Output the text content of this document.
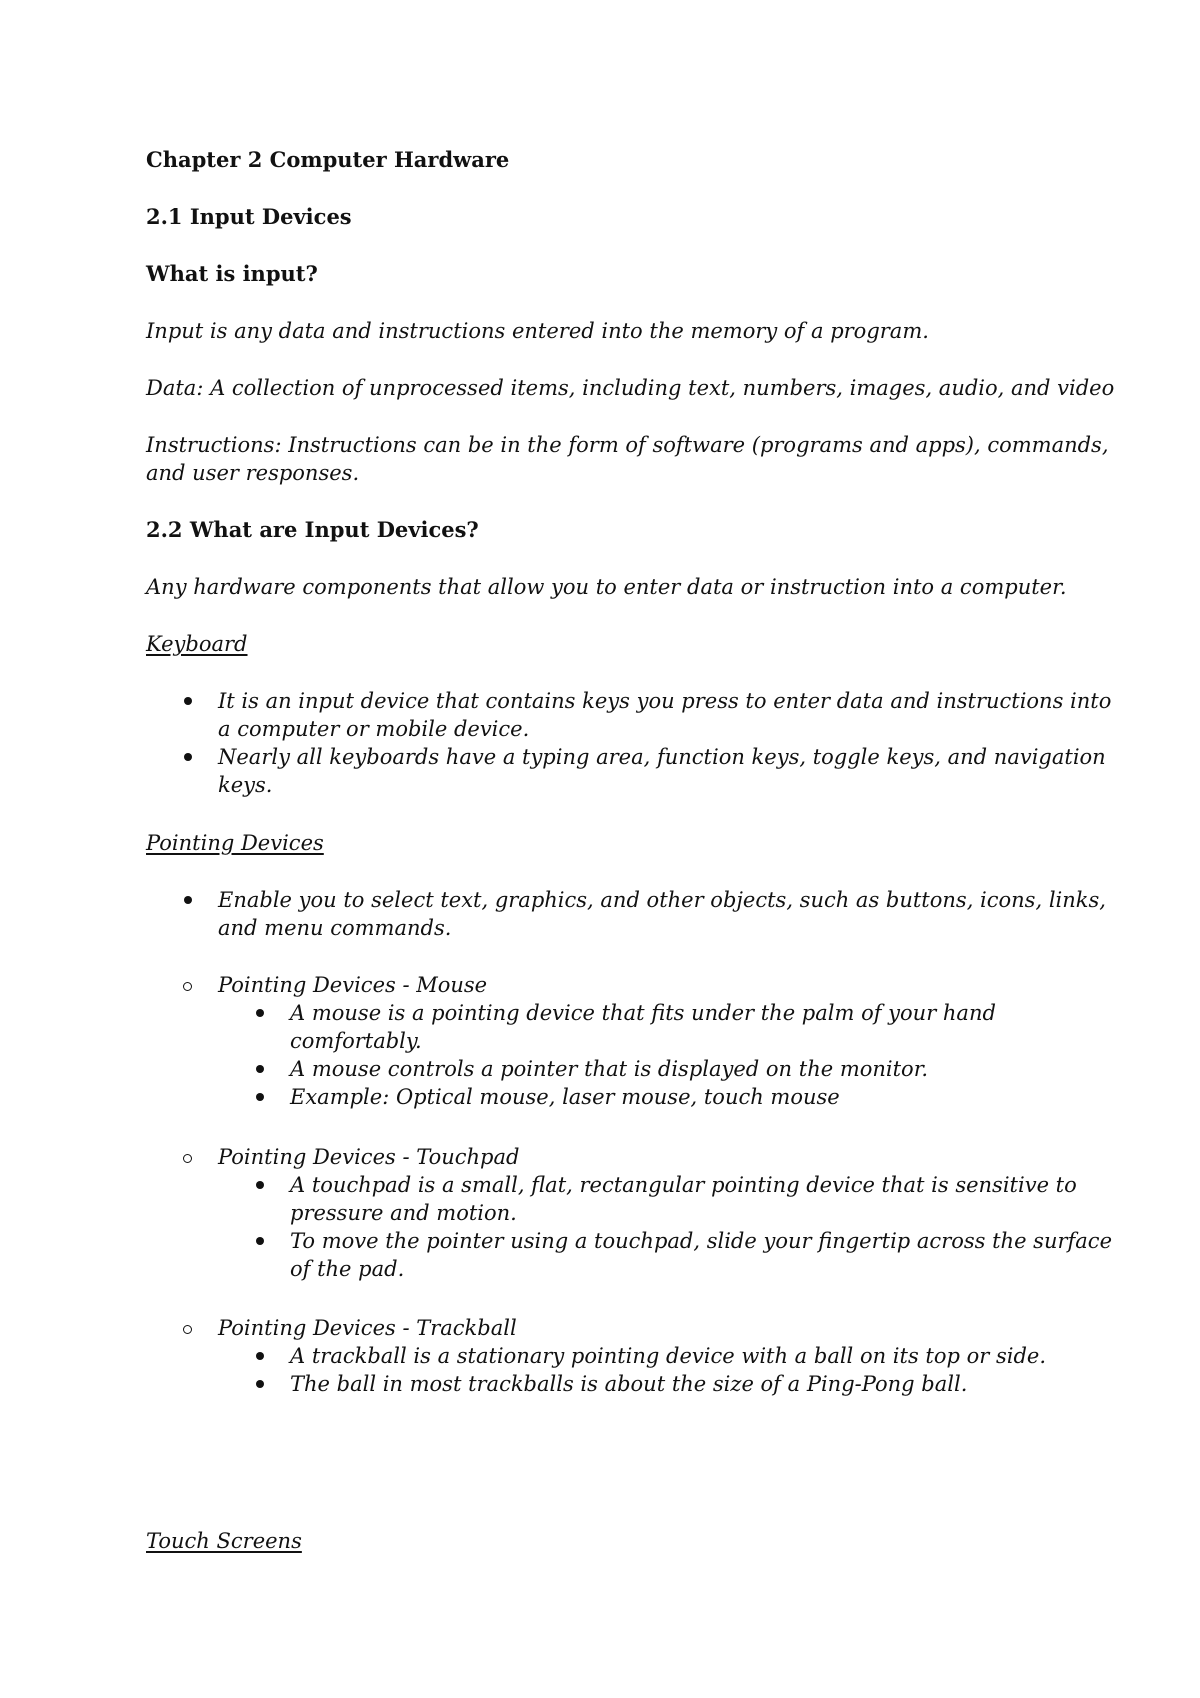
Chapter 2 Computer Hardware
2.1 Input Devices
What is input?
Input is any data and instructions entered into the memory of a program.
Data: A collection of unprocessed items, including text, numbers, images, audio, and video
Instructions: Instructions can be in the form of software (programs and apps), commands,
and user responses.
2.2 What are Input Devices?
Any hardware components that allow you to enter data or instruction into a computer.
Keyboard
It is an input device that contains keys you press to enter data and instructions into
a computer or mobile device.
Nearly all keyboards have a typing area, function keys, toggle keys, and navigation
keys.
Pointing Devices
Enable you to select text, graphics, and other objects, such as buttons, icons, links,
and menu commands.
Pointing Devices - Mouse
A mouse is a pointing device that fits under the palm of your hand
comfortably.
A mouse controls a pointer that is displayed on the monitor.
Example: Optical mouse, laser mouse, touch mouse
Pointing Devices - Touchpad
A touchpad is a small, flat, rectangular pointing device that is sensitive to
pressure and motion.
To move the pointer using a touchpad, slide your fingertip across the surface
of the pad.
Pointing Devices - Trackball
A trackball is a stationary pointing device with a ball on its top or side.
The ball in most trackballs is about the size of a Ping-Pong ball.
Touch Screens
